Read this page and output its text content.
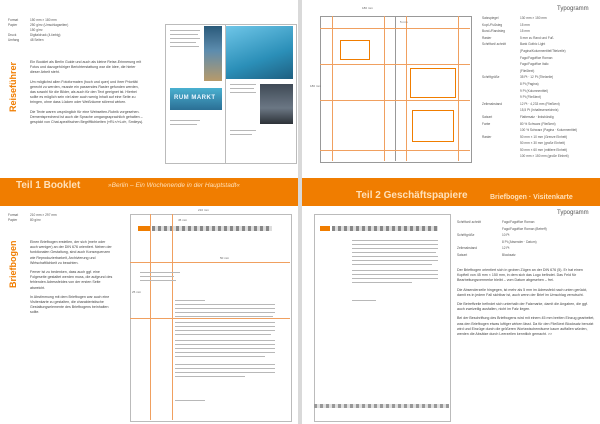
Format	150 mm × 180 mm
Papier	250 g/m² (Umschlagseiten)
150 g/m²
Druck	Digitaldruck (4-farbig)
Umfang	48 Seiten
Reiseführer	Ein Booklet als Berlin Guide und auch als kleine Reise-Erinnerung mit Fotos und dazugehöriger Berichterstattung war die Idee, die hinter dieser Arbeit steht.

Um möglichst allen Fotoformaten (hoch und quer) und ihrer Priorität gerecht zu werden, musste ein passendes Raster gefunden werden, das sowohl für die Bilder, als auch für den Text geeignet ist. Hierbei sollte es möglich sein viel aber auch wenig Inhalt auf eine Seite zu bringen, ohne dass Lücken oder Weißräume störend wirken.

Die Texte waren ursprünglich für eine Webseiten-Rubrik vorgesehen. Dementsprechend ist auch die Sprache umgangssprachlich gehalten – gespickt von Chat-spezifischen Begrifflichkeiten (»RL«/»Lol«, Smileys).

RUM MARKT
Format	210 mm × 297 mm
Papier	80 g/m²
Briefbogen	Einen Briefbogen erstellen, der sich (mehr oder auch weniger) an der DIN 676 orientiert. Neben der funktionalen Gestaltung, sind auch Konsequenzen wie Reproduzierbarkeit, Archivierung und Wirtschaftlichkeit zu beachten.

Ferner ist zu bedenken, dass auch ggf. eine Folgeseite gestaltet werden muss, die aufgrund des fehlenden Adressfeldes von der ersten Seite abweicht.

In Abstimmung mit dem Briefbogen war auch eine Visitenkarte zu gestalten, die charakteristische Gestaltungselemente des Briefbogens beinhalten sollte.

210 mm
45 mm
50 mm
25 mm
180 mm
180 mm
5 mm
Typogramm
Satzspiegel	130 mm × 150 mm
Kopf-/Fußsteg	15 mm
Bund-/Randsteg	15 mm
Raster	5 mm zu Rand und Fuß
Schriftart/-schnitt	Bank Gothic Light
(Pagina/Kolumnentitel/Titelzeile)
Fago/Fagoffice Roman
Fago/Fagoffice Italic
(Fließtext)
Schriftgröße	35 Pt · 12 Pt (Titelzeile)
8 Pt (Pagina)
9 Pt (Kolumnentitel)
9 Pt (Fließtext)
Zeilenabstand	12 Pt · 4,233 mm (Fließtext)
15,5 Pt (Inhaltsverzeichnis)
Satzart	Flattersatz · linksbündig
Farbe	80 % Schwarz (Fließtext)
100 % Schwarz (Pagina · Kolumnentitel)
Raster	50 mm × 10 mm (Grenze Einheit)
50 mm × 30 mm (große Einheit)
50 mm × 60 mm (mittlere Einheit)
100 mm × 150 mm (große Einheit)
Typogramm
Schriftart/-schnitt	Fago/Fagoffice Roman
Fago/Fagoffice Roman (Betreff)
Schriftgröße	10 Pt
8 Pt (Absender · Datum)
Zeilenabstand	12 Pt
Satzart	Blocksatz

Der Briefbogen orientiert sich in groben Zügen an der DIN 676 (5). Er hat einen Kopfteil von 45 mm × 150 mm, in dem sich das Logo befindet. Das Feld für Bearbeitungsvermerke bleibt – vom Datum abgesehen – frei.

Die Absenderzeile hingegen, ist mehr als 5 mm im Adressfeld nach unten gerückt, damit es in jedem Fall sichtbar ist, auch wenn der Brief im Umschlag verrutscht.

Die Betreffzeile befindet sich unterhalb der Falzmarke, damit die Angaben, die ggf. auch zweizeilig ausfallen, nicht im Falz liegen.

Bei der Beschriftung des Briefbogens wird mit einem 45 mm breiten Einzug gearbeitet, was den Briefbogen etwas luftiger wirken lässt. Da für den Fließtext Blocksatz benutzt wird und Einzüge durch die größeren Wortzwischenräume kaum auffallen würden, werden die Absätze durch Leerzeilen kenntlich gemacht. >>

Teil 1 Booklet	»Berlin – Ein Wochenende in der Hauptstadt«
Teil 2 Geschäftspapiere	Briefbogen · Visitenkarte
